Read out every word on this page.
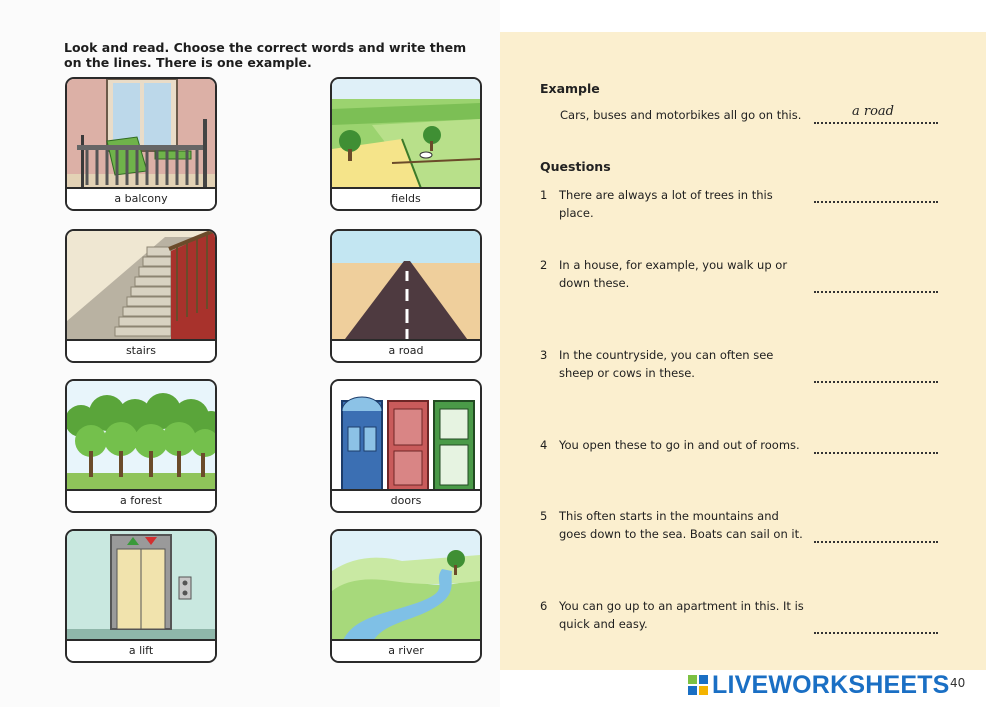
Look and read. Choose the correct words and write them on the lines. There is one example.
a balcony	fields
stairs	a road
a forest	doors
a lift	a river
Example
Cars, buses and motorbikes all go on this.	a road
Questions
1 There are always a lot of trees in this place.
2 In a house, for example, you walk up or down these.
3 In the countryside, you can often see sheep or cows in these.
4 You open these to go in and out of rooms.
5 This often starts in the mountains and goes down to the sea. Boats can sail on it.
6 You can go up to an apartment in this. It is quick and easy.
LIVEWORKSHEETS 40
